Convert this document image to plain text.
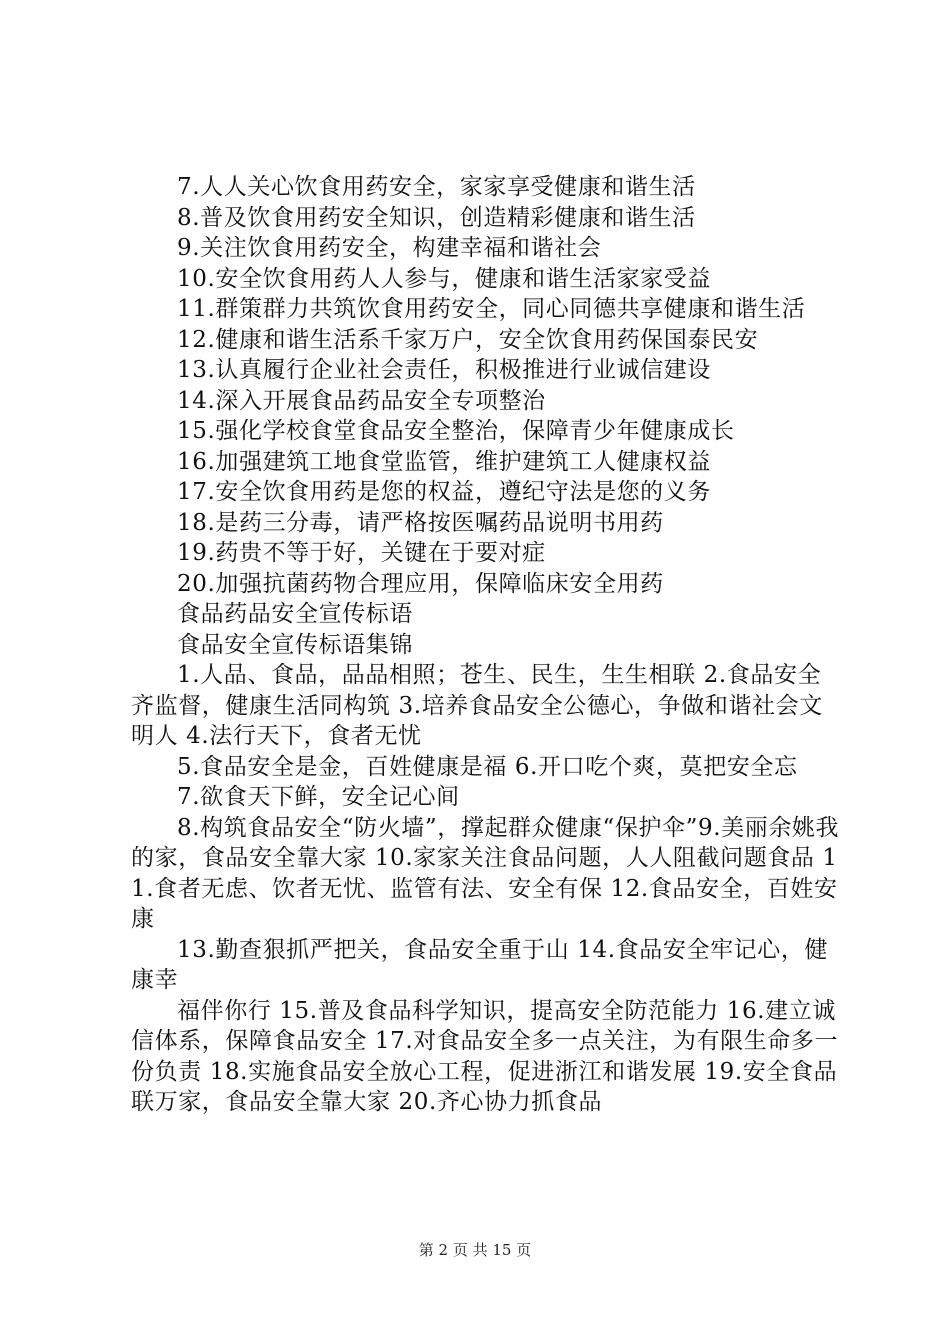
7.人人关心饮食用药安全，家家享受健康和谐生活

8.普及饮食用药安全知识，创造精彩健康和谐生活

9.关注饮食用药安全，构建幸福和谐社会

10.安全饮食用药人人参与，健康和谐生活家家受益

11.群策群力共筑饮食用药安全，同心同德共享健康和谐生活

12.健康和谐生活系千家万户，安全饮食用药保国泰民安

13.认真履行企业社会责任，积极推进行业诚信建设

14.深入开展食品药品安全专项整治

15.强化学校食堂食品安全整治，保障青少年健康成长

16.加强建筑工地食堂监管，维护建筑工人健康权益

17.安全饮食用药是您的权益，遵纪守法是您的义务

18.是药三分毒，请严格按医嘱药品说明书用药

19.药贵不等于好，关键在于要对症

20.加强抗菌药物合理应用，保障临床安全用药

食品药品安全宣传标语

食品安全宣传标语集锦

1.人品、食品，品品相照；苍生、民生，生生相联 2.食品安全齐监督，健康生活同构筑 3.培养食品安全公德心，争做和谐社会文明人 4.法行天下，食者无忧

5.食品安全是金，百姓健康是福 6.开口吃个爽，莫把安全忘

7.欲食天下鲜，安全记心间

8.构筑食品安全“防火墙”，撑起群众健康“保护伞”9.美丽余姚我的家，食品安全靠大家 10.家家关注食品问题，人人阻截问题食品 11.食者无虑、饮者无忧、监管有法、安全有保 12.食品安全，百姓安康

13.勤查狠抓严把关，食品安全重于山 14.食品安全牢记心，健康幸

福伴你行 15.普及食品科学知识，提高安全防范能力 16.建立诚信体系，保障食品安全 17.对食品安全多一点关注，为有限生命多一份负责 18.实施食品安全放心工程，促进浙江和谐发展 19.安全食品联万家，食品安全靠大家 20.齐心协力抓食品

第 2 页 共 15 页
